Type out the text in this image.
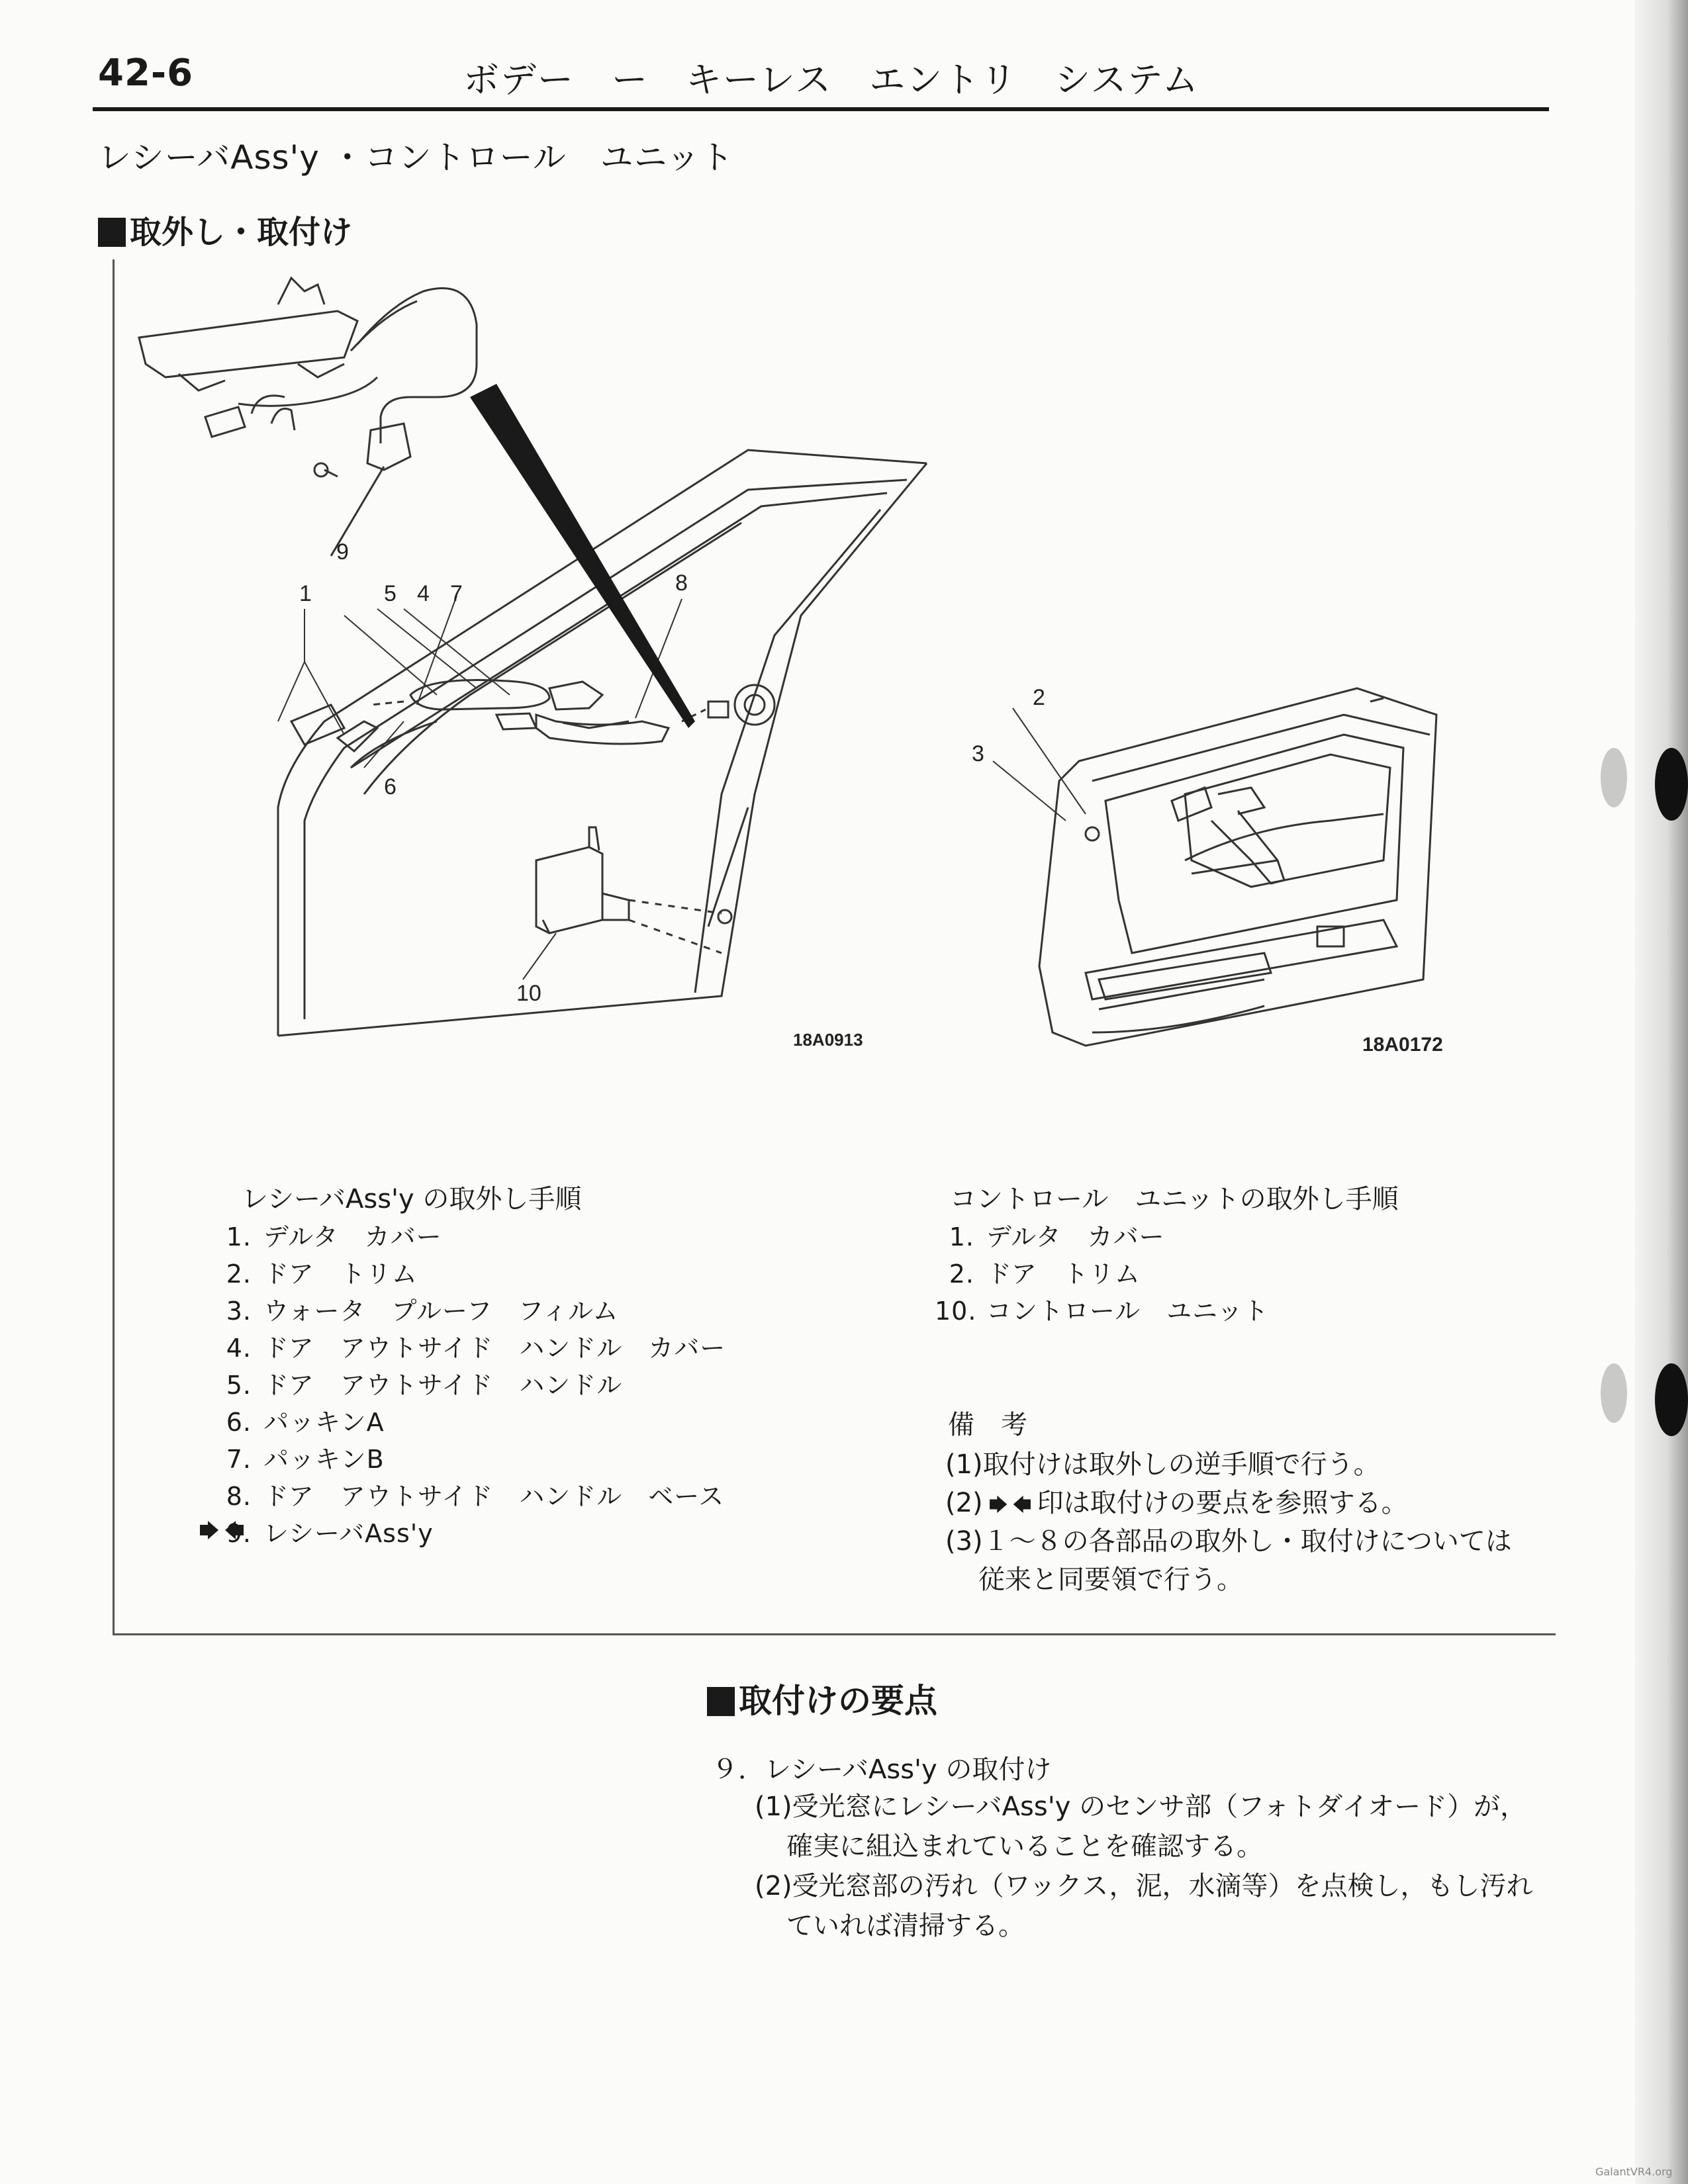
42-6	ボデー　ー　キーレス　エントリ　システム
レシーバAss'y ・コントロール　ユニット
取外し・取付け
9
1	5 4 7	8
6
10
18A0913
2
3
18A0172
レシーバAss'y の取外し手順
1. デルタ　カバー
2. ドア　トリム
3. ウォータ　プルーフ　フィルム
4. ドア　アウトサイド　ハンドル　カバー
5. ドア　アウトサイド　ハンドル
6. パッキンA
7. パッキンB
8. ドア　アウトサイド　ハンドル　ベース
9. レシーバAss'y
コントロール　ユニットの取外し手順
1. デルタ　カバー
2. ドア　トリム
10. コントロール　ユニット
備　考
(1)取付けは取外しの逆手順で行う。
(2) 印は取付けの要点を参照する。
(3)１～８の各部品の取外し・取付けについては
従来と同要領で行う。
取付けの要点
９．レシーバAss'y の取付け
(1)受光窓にレシーバAss'y のセンサ部（フォトダイオード）が，
確実に組込まれていることを確認する。
(2)受光窓部の汚れ（ワックス，泥，水滴等）を点検し，もし汚れ
ていれば清掃する。
GalantVR4.org
